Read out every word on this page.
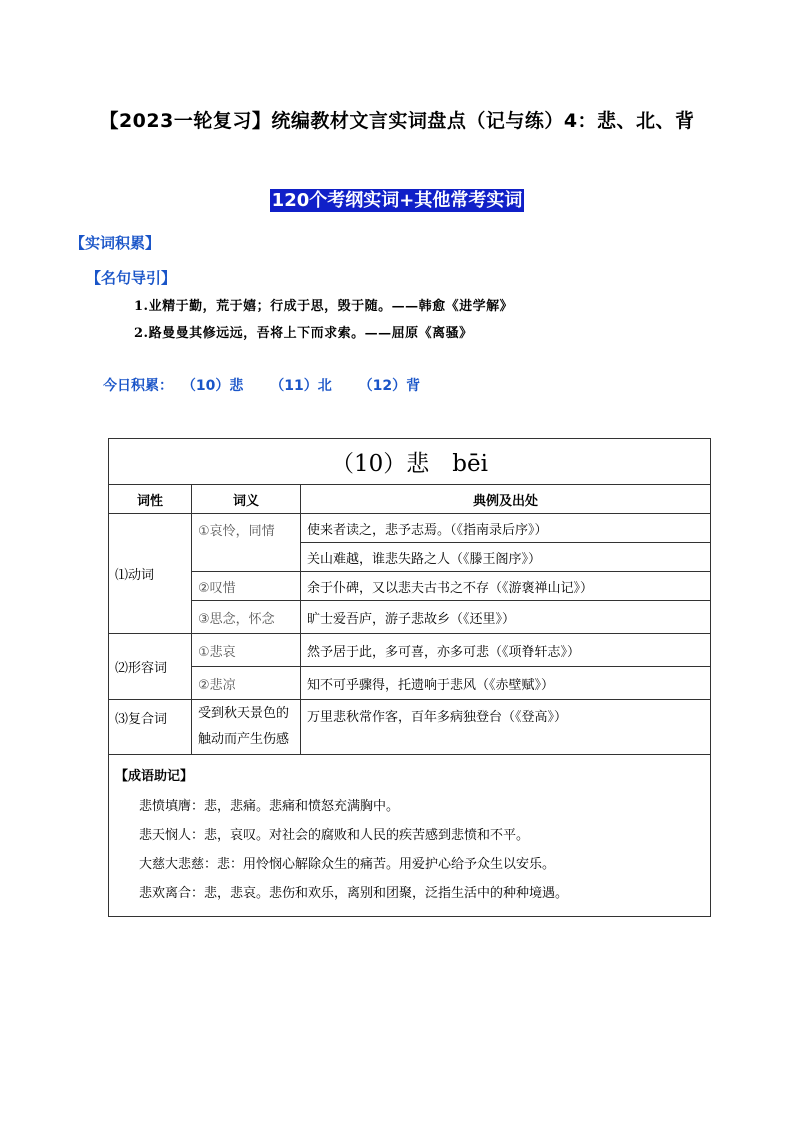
【2023一轮复习】统编教材文言实词盘点（记与练）4：悲、北、背
120个考纲实词+其他常考实词
【实词积累】
【名句导引】
1.业精于勤，荒于嬉；行成于思，毁于随。——韩愈《进学解》
2.路曼曼其修远远，吾将上下而求索。——屈原《离骚》
今日积累： （10）悲 （11）北 （12）背
（10）悲　bēi		
词性	词义	典例及出处
⑴动词	①哀怜，同情	使来者读之，悲予志焉。（《指南录后序》）
		关山难越，谁悲失路之人（《滕王阁序》）
	②叹惜	余于仆碑，又以悲夫古书之不存（《游褒禅山记》）
	③思念，怀念	旷士爱吾庐，游子悲故乡（《还里》）
⑵形容词	①悲哀	然予居于此，多可喜，亦多可悲（《项脊轩志》）
	②悲凉	知不可乎骤得，托遗响于悲风（《赤壁赋》）
⑶复合词	受到秋天景色的触动而产生伤感	万里悲秋常作客，百年多病独登台（《登高》）

【成语助记】
悲愤填膺：悲，悲痛。悲痛和愤怒充满胸中。
悲天悯人：悲，哀叹。对社会的腐败和人民的疾苦感到悲愤和不平。
大慈大悲慈：悲：用怜悯心解除众生的痛苦。用爱护心给予众生以安乐。
悲欢离合：悲，悲哀。悲伤和欢乐，离别和团聚，泛指生活中的种种境遇。		
